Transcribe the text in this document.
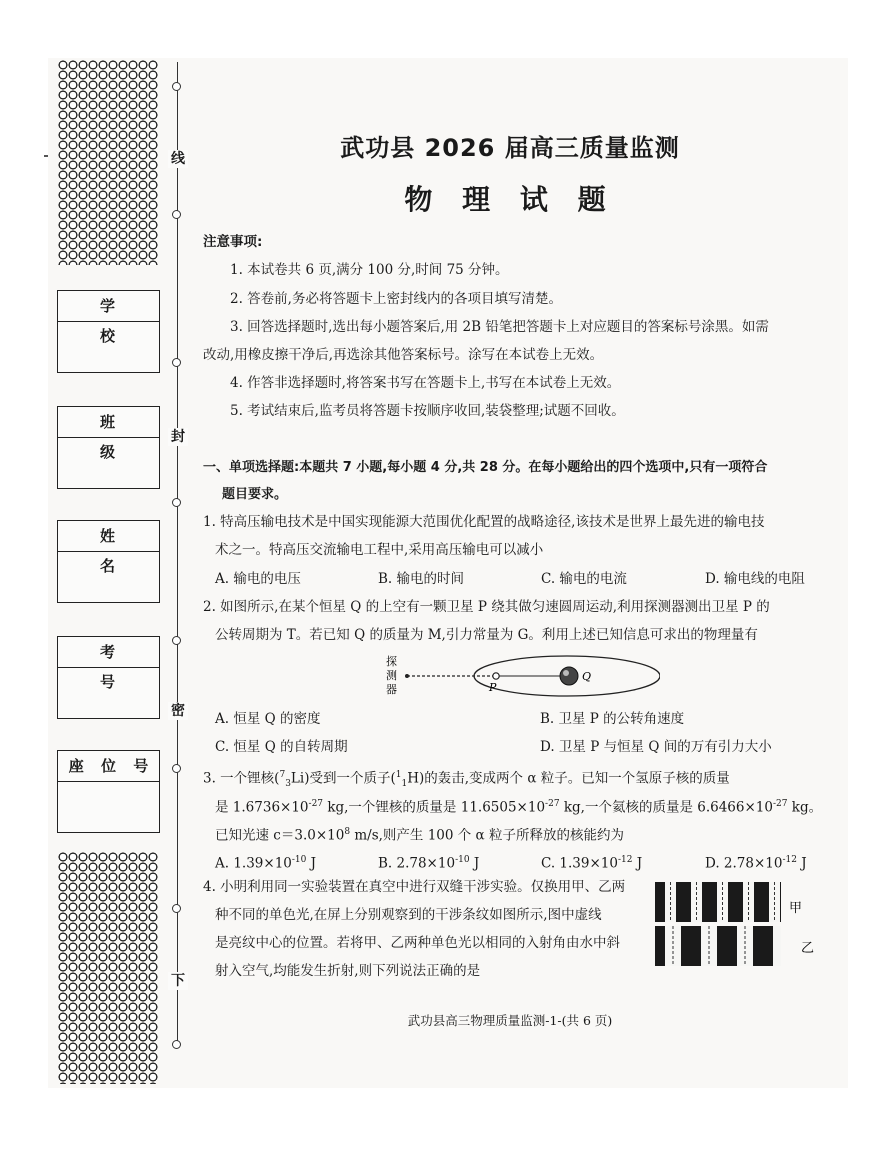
学　校
班　级
姓　名
考　号
座 位 号
线
封
密
下
武功县 2026 届高三质量监测
物 理 试 题
注意事项:
1. 本试卷共 6 页,满分 100 分,时间 75 分钟。
2. 答卷前,务必将答题卡上密封线内的各项目填写清楚。
3. 回答选择题时,选出每小题答案后,用 2B 铅笔把答题卡上对应题目的答案标号涂黑。如需
改动,用橡皮擦干净后,再选涂其他答案标号。涂写在本试卷上无效。
4. 作答非选择题时,将答案书写在答题卡上,书写在本试卷上无效。
5. 考试结束后,监考员将答题卡按顺序收回,装袋整理;试题不回收。
一、单项选择题:本题共 7 小题,每小题 4 分,共 28 分。在每小题给出的四个选项中,只有一项符合
题目要求。
1. 特高压输电技术是中国实现能源大范围优化配置的战略途径,该技术是世界上最先进的输电技
术之一。特高压交流输电工程中,采用高压输电可以减小
A. 输电的电压	B. 输电的时间	C. 输电的电流	D. 输电线的电阻
2. 如图所示,在某个恒星 Q 的上空有一颗卫星 P 绕其做匀速圆周运动,利用探测器测出卫星 P 的
公转周期为 T。若已知 Q 的质量为 M,引力常量为 G。利用上述已知信息可求出的物理量有
探
测
器	P
Q
A. 恒星 Q 的密度	B. 卫星 P 的公转角速度
C. 恒星 Q 的自转周期	D. 卫星 P 与恒星 Q 间的万有引力大小
3. 一个锂核($^7_3$Li)受到一个质子($^1_1$H)的轰击,变成两个 α 粒子。已知一个氢原子核的质量
是 $1.6736\times 10^{-27}$ kg,一个锂核的质量是 $11.6505\times 10^{-27}$ kg,一个氦核的质量是 $6.6466\times 10^{-27}$ kg。
已知光速 $c=3.0\times 10^8$ m/s,则产生 100 个 α 粒子所释放的核能约为
A. $1.39\times 10^{-10}$ J	B. $2.78\times 10^{-10}$ J	C. $1.39\times 10^{-12}$ J	D. $2.78\times 10^{-12}$ J
4. 小明利用同一实验装置在真空中进行双缝干涉实验。仅换用甲、乙两
种不同的单色光,在屏上分别观察到的干涉条纹如图所示,图中虚线
是亮纹中心的位置。若将甲、乙两种单色光以相同的入射角由水中斜
射入空气,均能发生折射,则下列说法正确的是
甲
乙
武功县高三物理质量监测-1-(共 6 页)
